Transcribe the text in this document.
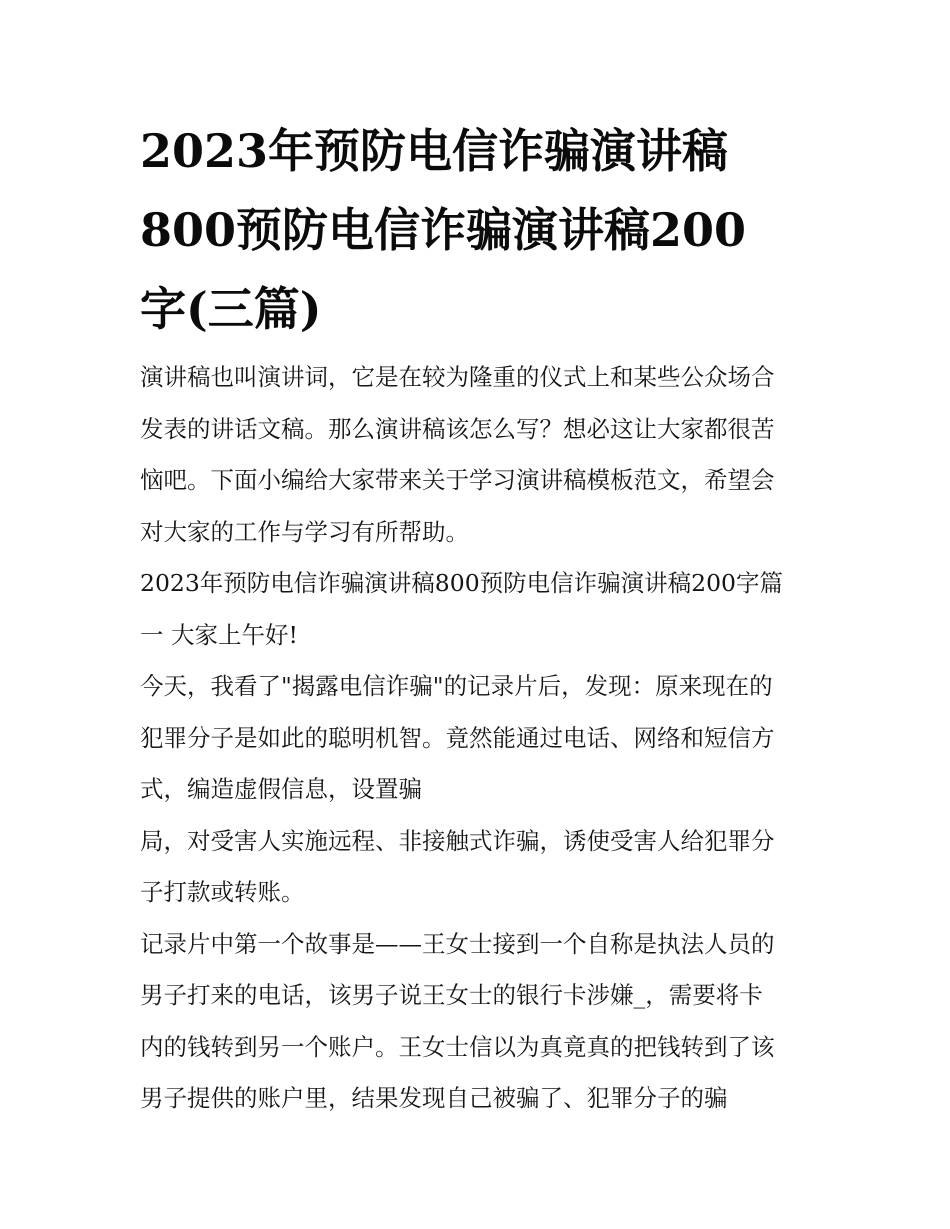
2023年预防电信诈骗演讲稿
800预防电信诈骗演讲稿200
字(三篇)

演讲稿也叫演讲词，它是在较为隆重的仪式上和某些公众场合
发表的讲话文稿。那么演讲稿该怎么写？想必这让大家都很苦
恼吧。下面小编给大家带来关于学习演讲稿模板范文，希望会
对大家的工作与学习有所帮助。

2023年预防电信诈骗演讲稿800预防电信诈骗演讲稿200字篇
一 大家上午好!

今天，我看了"揭露电信诈骗"的记录片后，发现：原来现在的
犯罪分子是如此的聪明机智。竟然能通过电话、网络和短信方
式，编造虚假信息，设置骗

局，对受害人实施远程、非接触式诈骗，诱使受害人给犯罪分
子打款或转账。

记录片中第一个故事是——王女士接到一个自称是执法人员的
男子打来的电话，该男子说王女士的银行卡涉嫌_，需要将卡
内的钱转到另一个账户。王女士信以为真竟真的把钱转到了该
男子提供的账户里，结果发现自己被骗了、犯罪分子的骗
